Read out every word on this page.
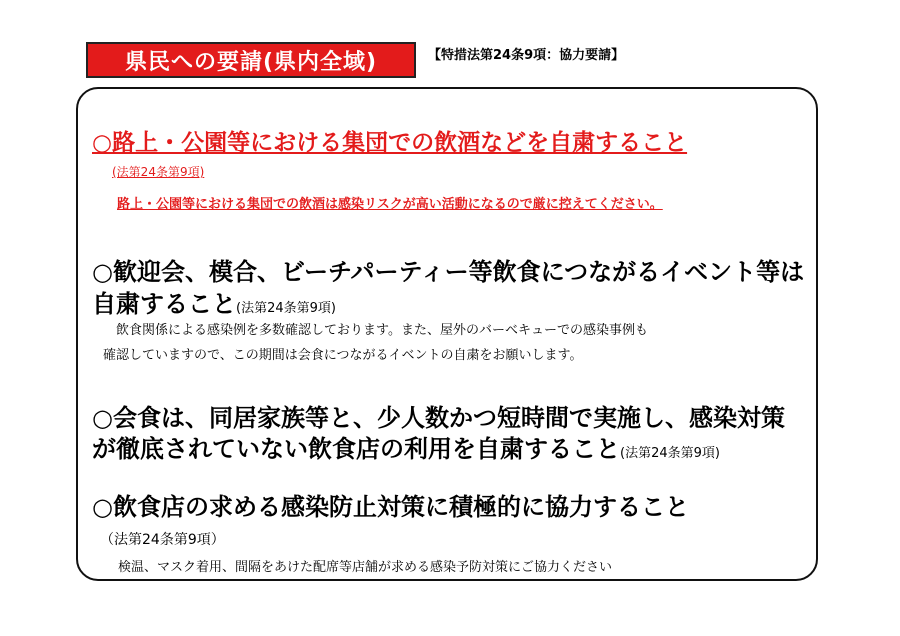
県民への要請(県内全域)	【特措法第24条9項：協力要請】
○路上・公園等における集団での飲酒などを自粛すること
(法第24条第9項)
路上・公園等における集団での飲酒は感染リスクが高い活動になるので厳に控えてください。
○歓迎会、模合、ビーチパーティー等飲食につながるイベント等は
自粛すること(法第24条第9項)
飲食関係による感染例を多数確認しております。また、屋外のバーベキューでの感染事例も
確認していますので、この期間は会食につながるイベントの自粛をお願いします。
○会食は、同居家族等と、少人数かつ短時間で実施し、感染対策
が徹底されていない飲食店の利用を自粛すること(法第24条第9項)
○飲食店の求める感染防止対策に積極的に協力すること
（法第24条第9項）
検温、マスク着用、間隔をあけた配席等店舗が求める感染予防対策にご協力ください
